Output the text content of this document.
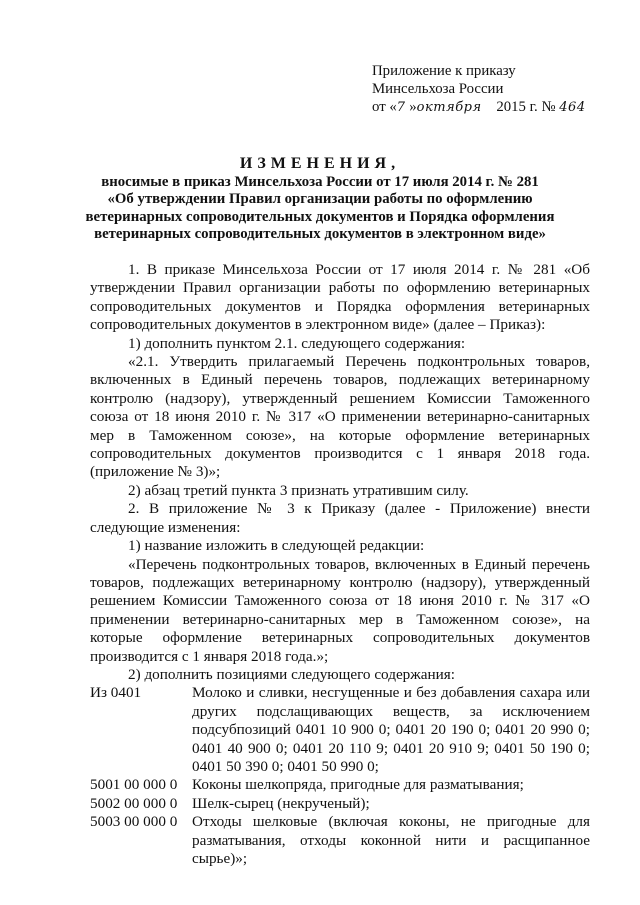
Приложение к приказу
Минсельхоза России
от «7 »октября 2015 г. № 464
ИЗМЕНЕНИЯ,
вносимые в приказ Минсельхоза России от 17 июля 2014 г. № 281
«Об утверждении Правил организации работы по оформлению
ветеринарных сопроводительных документов и Порядка оформления
ветеринарных сопроводительных документов в электронном виде»

1. В приказе Минсельхоза России от 17 июля 2014 г. № 281 «Об утверждении Правил организации работы по оформлению ветеринарных сопроводительных документов и Порядка оформления ветеринарных сопроводительных документов в электронном виде» (далее – Приказ):

1) дополнить пунктом 2.1. следующего содержания:

«2.1. Утвердить прилагаемый Перечень подконтрольных товаров, включенных в Единый перечень товаров, подлежащих ветеринарному контролю (надзору), утвержденный решением Комиссии Таможенного союза от 18 июня 2010 г. № 317 «О применении ветеринарно-санитарных мер в Таможенном союзе», на которые оформление ветеринарных сопроводительных документов производится с 1 января 2018 года. (приложение № 3)»;

2) абзац третий пункта 3 признать утратившим силу.

2. В приложение № 3 к Приказу (далее - Приложение) внести следующие изменения:

1) название изложить в следующей редакции:

«Перечень подконтрольных товаров, включенных в Единый перечень товаров, подлежащих ветеринарному контролю (надзору), утвержденный решением Комиссии Таможенного союза от 18 июня 2010 г. № 317 «О применении ветеринарно-санитарных мер в Таможенном союзе», на которые оформление ветеринарных сопроводительных документов производится с 1 января 2018 года.»;

2) дополнить позициями следующего содержания:

Из 0401	Молоко и сливки, несгущенные и без добавления сахара или других подслащивающих веществ, за исключением подсубпозиций 0401 10 900 0; 0401 20 190 0; 0401 20 990 0; 0401 40 900 0; 0401 20 110 9; 0401 20 910 9; 0401 50 190 0; 0401 50 390 0; 0401 50 990 0;
5001 00 000 0 Коконы шелкопряда, пригодные для разматывания;
5002 00 000 0 Шелк-сырец (некрученый);
5003 00 000 0 Отходы шелковые (включая коконы, не пригодные для разматывания, отходы коконной нити и расщипанное сырье)»;
